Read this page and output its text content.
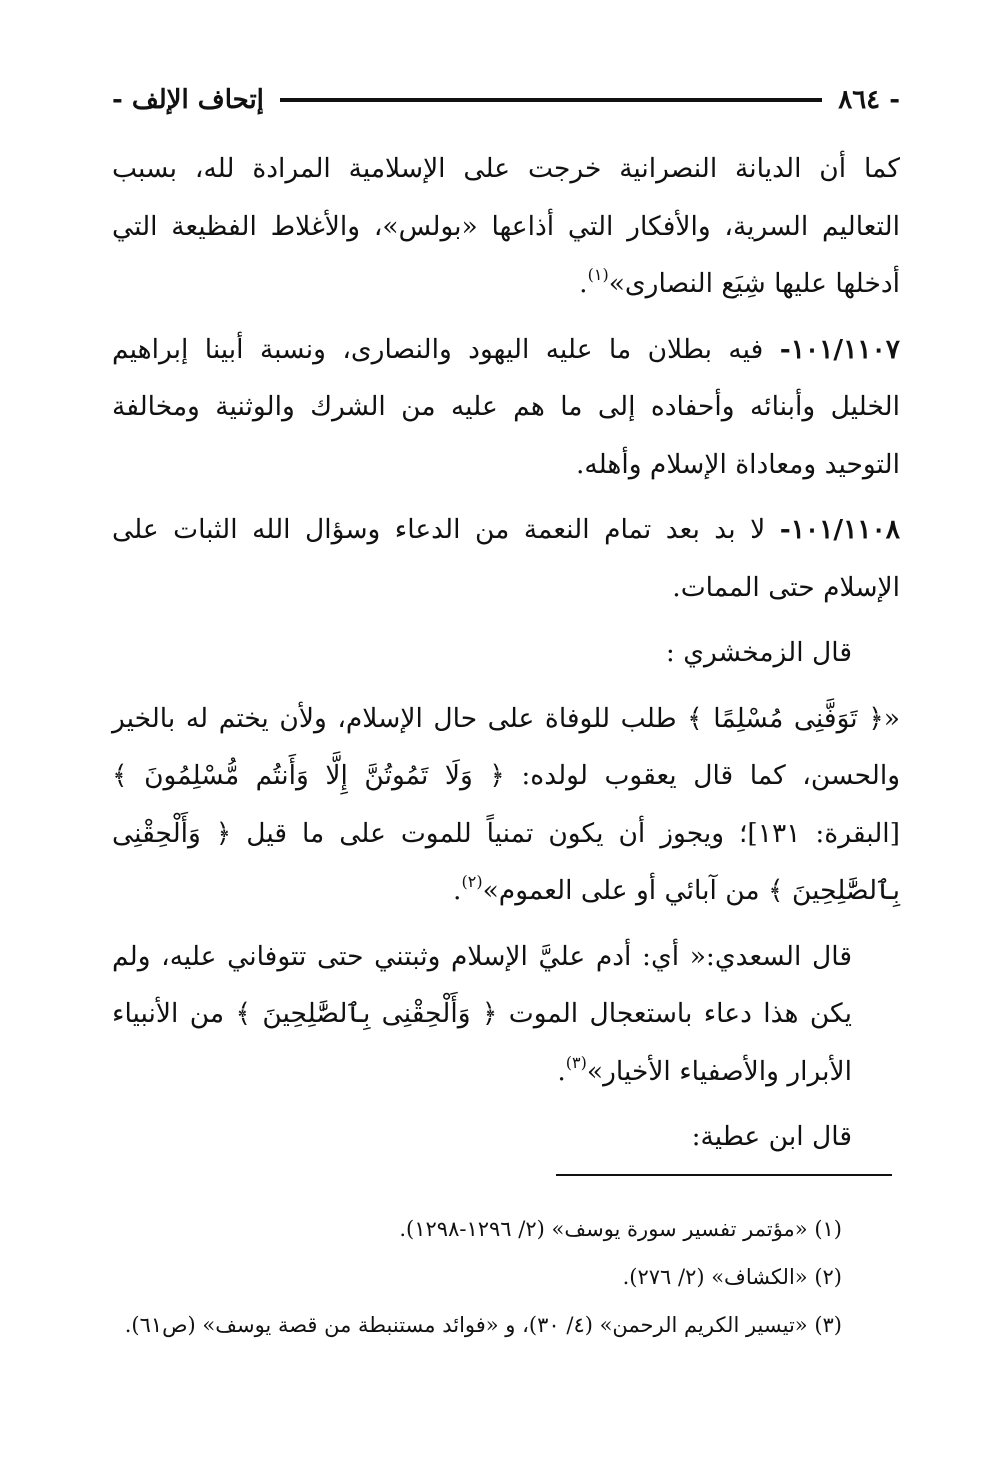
- ٨٦٤
إتحاف الإلف -

كما أن الديانة النصرانية خرجت على الإسلامية المرادة لله، بسبب التعاليم السرية، والأفكار التي أذاعها «بولس»، والأغلاط الفظيعة التي أدخلها عليها شِيَع النصارى»$^{(١)}$.

١٠١/١١٠٧- فيه بطلان ما عليه اليهود والنصارى، ونسبة أبينا إبراهيم الخليل وأبنائه وأحفاده إلى ما هم عليه من الشرك والوثنية ومخالفة التوحيد ومعاداة الإسلام وأهله.

١٠١/١١٠٨- لا بد بعد تمام النعمة من الدعاء وسؤال الله الثبات على الإسلام حتى الممات.

قال الزمخشري :

«﴿ تَوَفَّنِى مُسْلِمًا ﴾ طلب للوفاة على حال الإسلام، ولأن يختم له بالخير والحسن، كما قال يعقوب لولده: ﴿ وَلَا تَمُوتُنَّ إِلَّا وَأَنتُم مُّسْلِمُونَ ﴾ [البقرة: ١٣١]؛ ويجوز أن يكون تمنياً للموت على ما قيل ﴿ وَأَلْحِقْنِى بِٱلصَّٰلِحِينَ ﴾ من آبائي أو على العموم»$^{(٢)}$.

قال السعدي:« أي: أدم عليَّ الإسلام وثبتني حتى تتوفاني عليه، ولم يكن هذا دعاء باستعجال الموت ﴿ وَأَلْحِقْنِى بِٱلصَّٰلِحِينَ ﴾ من الأنبياء الأبرار والأصفياء الأخيار»$^{(٣)}$.

قال ابن عطية:

(١) «مؤتمر تفسير سورة يوسف» (٢/ ١٢٩٦-١٢٩٨).

(٢) «الكشاف» (٢/ ٢٧٦).

(٣) «تيسير الكريم الرحمن» (٤/ ٣٠)، و «فوائد مستنبطة من قصة يوسف» (ص٦١).
